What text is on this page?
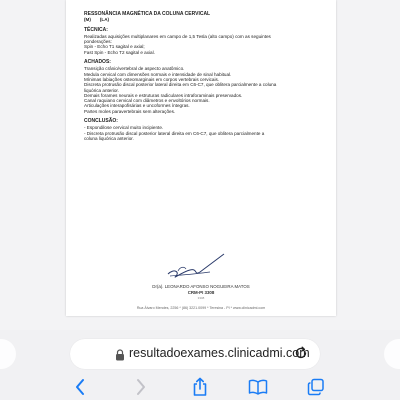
RESSONÂNCIA MAGNÉTICA DA COLUNA CERVICAL
(M) (LA)
TÉCNICA:
Realizadas aquisições multiplanares em campo de 1,5 Tesla (alto campo) com as seguintes
ponderações:
Spin - Echo T1 sagital e axial;
Fast Spin - Echo T2 sagital e axial.
ACHADOS:
Transição crânio/vertebral de aspecto anatômico.
Medula cervical com dimensões normais e intensidade de sinal habitual.
Mínimas labiações osteomarginais em corpos vertebrais cervicais.
Discreta protrusão discal posterior lateral direita em C6-C7, que oblitera parcialmente a coluna
liquórica anterior.
Demais forames neurais e estruturas radiculares intraforaminais preservados.
Canal raquiano cervical com diâmetros e envoltórios normais.
Articulações interapofisárias e uncoformes íntegras.
Partes moles paravertebrais sem alterações.
CONCLUSÃO:
- Espondilose cervical muito incipiente.
- Discreta protrusão discal posterior lateral direita em C6-C7, que oblitera parcialmente a
coluna liquórica anterior.
Dr(a). LEONARDO AFONSO NOGUEIRA MATOS
CRM-PI 3308
3308
Rua Álvaro Mendes, 2256 * (86) 3221.0099 * Teresina - PI * www.clinicadmi.com
resultadoexames.clinicadmi.com
